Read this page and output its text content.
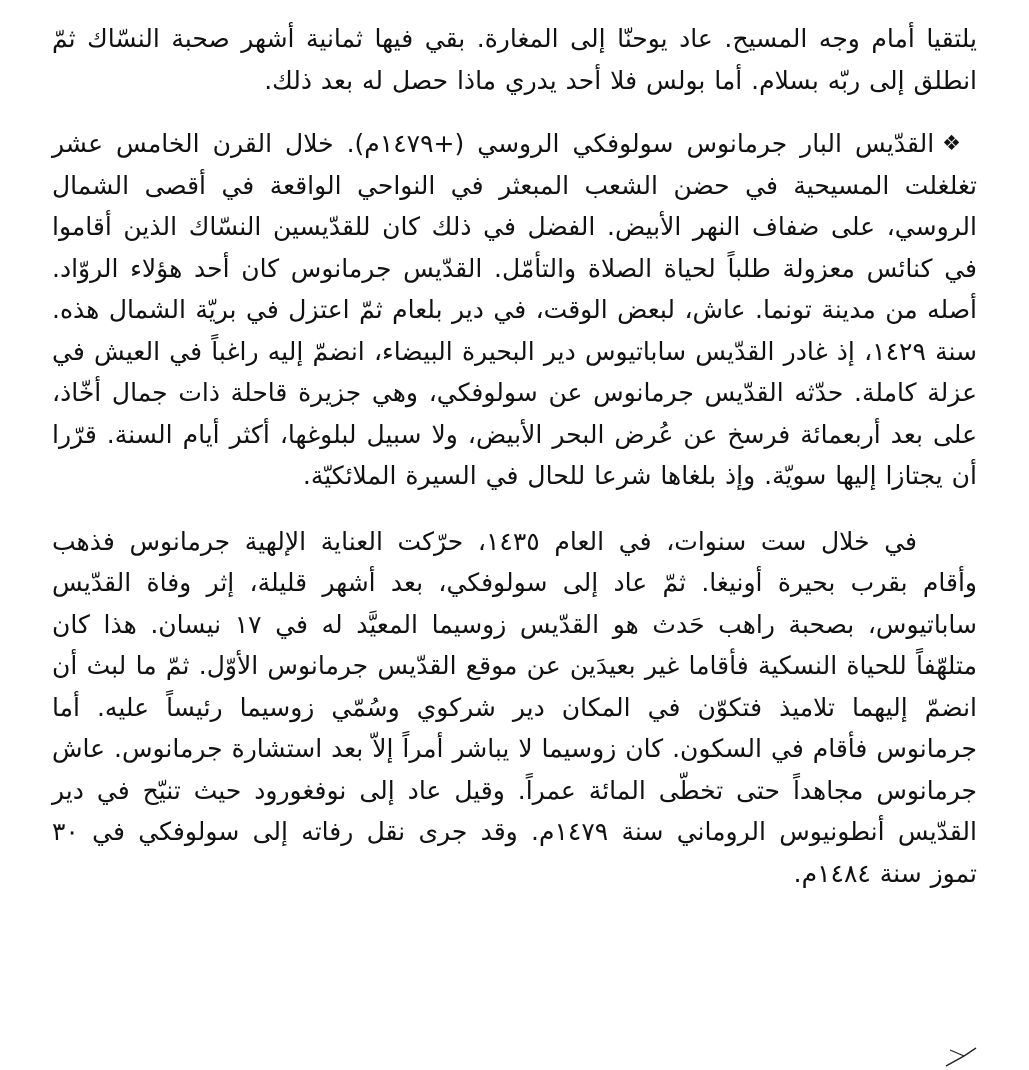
يلتقيا أمام وجه المسيح. عاد يوحنّا إلى المغارة. بقي فيها ثمانية أشهر صحبة النسّاك ثمّ انطلق إلى ربّه بسلام. أما بولس فلا أحد يدري ماذا حصل له بعد ذلك.

❖القدّيس البار جرمانوس سولوفكي الروسي (+١٤٧٩م). خلال القرن الخامس عشر تغلغلت المسيحية في حضن الشعب المبعثر في النواحي الواقعة في أقصى الشمال الروسي، على ضفاف النهر الأبيض. الفضل في ذلك كان للقدّيسين النسّاك الذين أقاموا في كنائس معزولة طلباً لحياة الصلاة والتأمّل. القدّيس جرمانوس كان أحد هؤلاء الروّاد. أصله من مدينة تونما. عاش، لبعض الوقت، في دير بلعام ثمّ اعتزل في بريّة الشمال هذه. سنة ١٤٢٩، إذ غادر القدّيس ساباتيوس دير البحيرة البيضاء، انضمّ إليه راغباً في العيش في عزلة كاملة. حدّثه القدّيس جرمانوس عن سولوفكي، وهي جزيرة قاحلة ذات جمال أخّاذ، على بعد أربعمائة فرسخ عن عُرض البحر الأبيض، ولا سبيل لبلوغها، أكثر أيام السنة. قرّرا أن يجتازا إليها سويّة. وإذ بلغاها شرعا للحال في السيرة الملائكيّة.

في خلال ست سنوات، في العام ١٤٣٥، حرّكت العناية الإلهية جرمانوس فذهب وأقام بقرب بحيرة أونيغا. ثمّ عاد إلى سولوفكي، بعد أشهر قليلة، إثر وفاة القدّيس ساباتيوس، بصحبة راهب حَدث هو القدّيس زوسيما المعيَّد له في ١٧ نيسان. هذا كان متلهّفاً للحياة النسكية فأقاما غير بعيدَين عن موقع القدّيس جرمانوس الأوّل. ثمّ ما لبث أن انضمّ إليهما تلاميذ فتكوّن في المكان دير شركوي وسُمّي زوسيما رئيساً عليه. أما جرمانوس فأقام في السكون. كان زوسيما لا يباشر أمراً إلاّ بعد استشارة جرمانوس. عاش جرمانوس مجاهداً حتى تخطّى المائة عمراً. وقيل عاد إلى نوفغورود حيث تنيّح في دير القدّيس أنطونيوس الروماني سنة ١٤٧٩م. وقد جرى نقل رفاته إلى سولوفكي في ٣٠ تموز سنة ١٤٨٤م.
